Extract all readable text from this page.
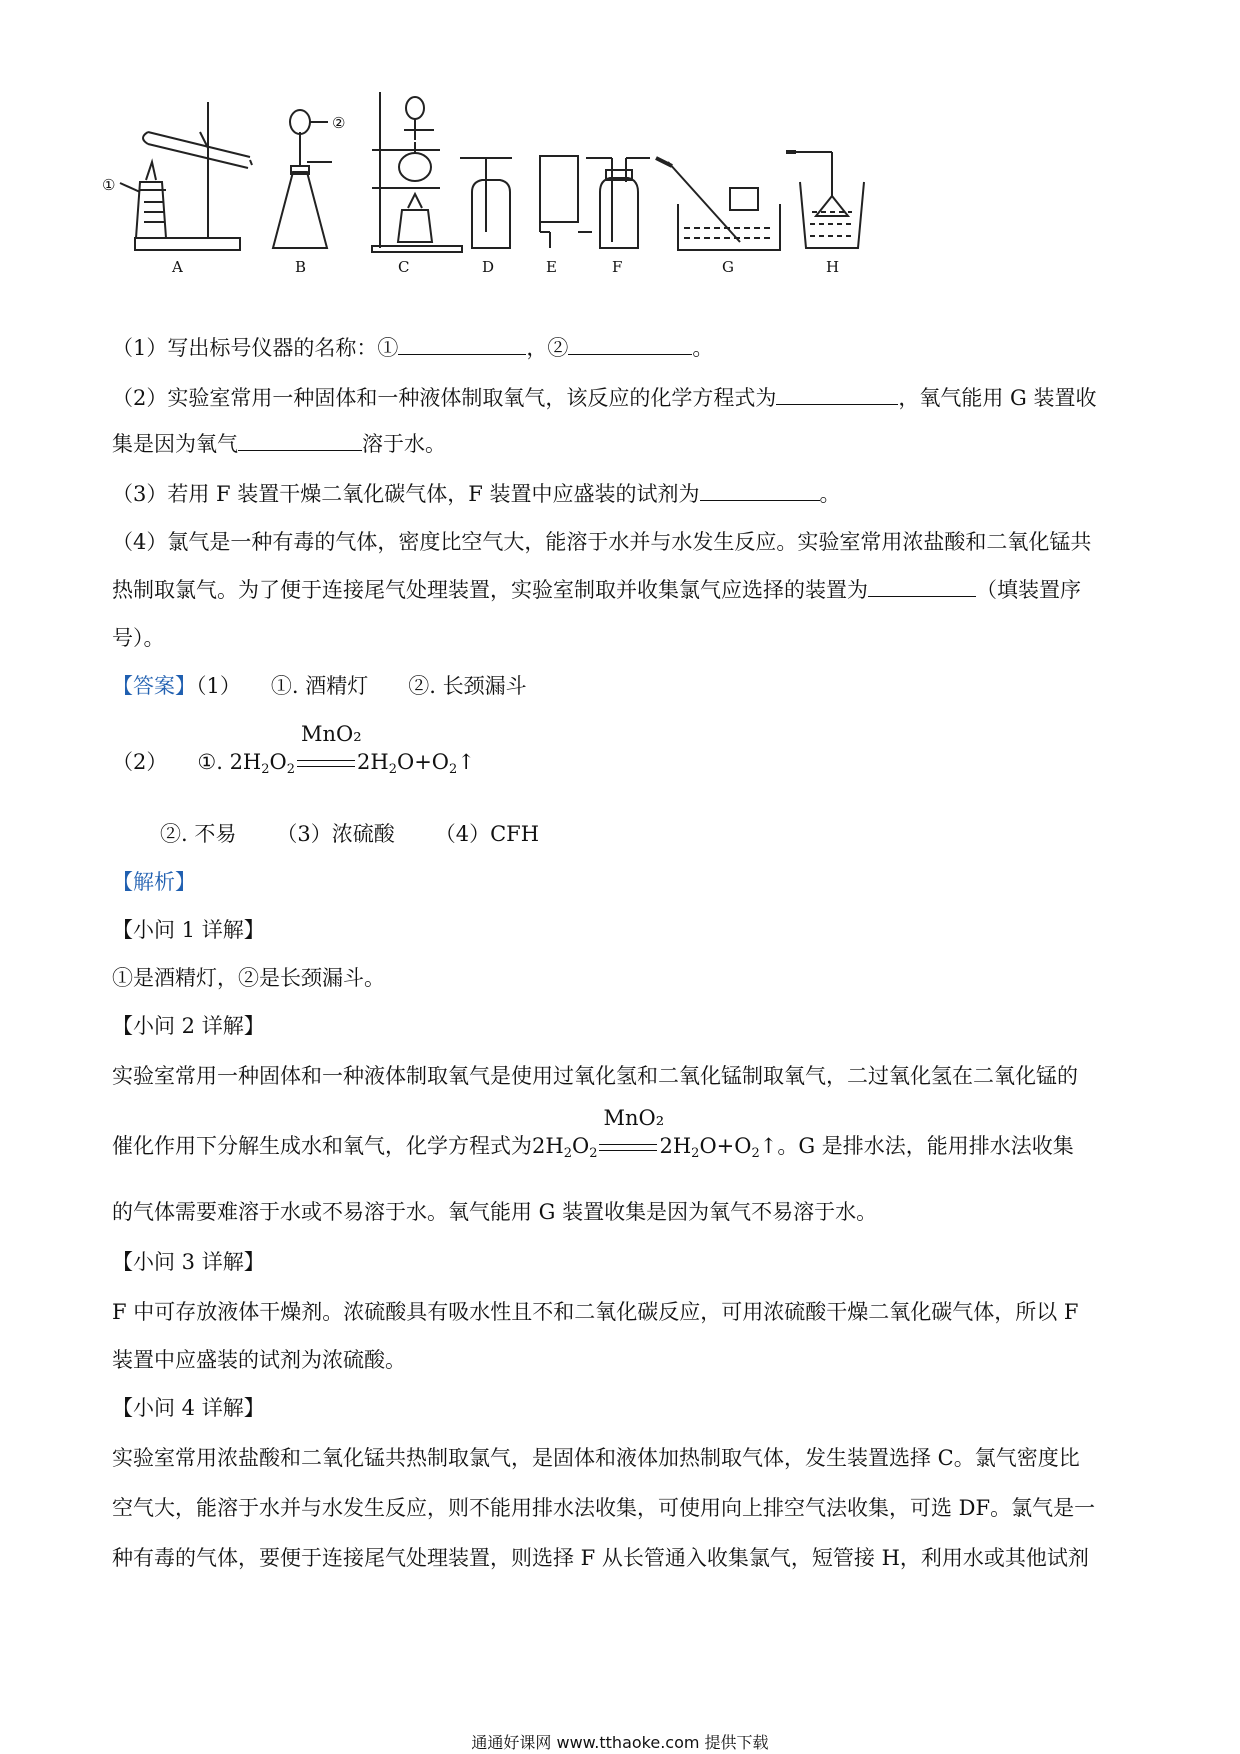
①
②
A	B	C	D	E	F	G	H
（1）写出标号仪器的名称：①	，②	。
（2）实验室常用一种固体和一种液体制取氧气，该反应的化学方程式为	，氧气能用 G 装置收
集是因为氧气	溶于水。
（3）若用 F 装置干燥二氧化碳气体，F 装置中应盛装的试剂为	。
（4）氯气是一种有毒的气体，密度比空气大，能溶于水并与水发生反应。实验室常用浓盐酸和二氧化锰共
热制取氯气。为了便于连接尾气处理装置，实验室制取并收集氯气应选择的装置为	（填装置序
号）。
【答案】（1） ①. 酒精灯 ②. 长颈漏斗
（2） ①. $2H_2O_2$
MnO₂
$2H_2O+O_2↑$
②. 不易 （3）浓硫酸 （4）CFH
【解析】
【小问 1 详解】
①是酒精灯，②是长颈漏斗。
【小问 2 详解】
实验室常用一种固体和一种液体制取氧气是使用过氧化氢和二氧化锰制取氧气，二过氧化氢在二氧化锰的
催化作用下分解生成水和氧气，化学方程式为$2H_2O_2$
MnO₂
$2H_2O+O_2↑$。G 是排水法，能用排水法收集
的气体需要难溶于水或不易溶于水。氧气能用 G 装置收集是因为氧气不易溶于水。
【小问 3 详解】
F 中可存放液体干燥剂。浓硫酸具有吸水性且不和二氧化碳反应，可用浓硫酸干燥二氧化碳气体，所以 F
装置中应盛装的试剂为浓硫酸。
【小问 4 详解】
实验室常用浓盐酸和二氧化锰共热制取氯气，是固体和液体加热制取气体，发生装置选择 C。氯气密度比
空气大，能溶于水并与水发生反应，则不能用排水法收集，可使用向上排空气法收集，可选 DF。氯气是一
种有毒的气体，要便于连接尾气处理装置，则选择 F 从长管通入收集氯气，短管接 H，利用水或其他试剂
通通好课网 www.tthaoke.com 提供下载
